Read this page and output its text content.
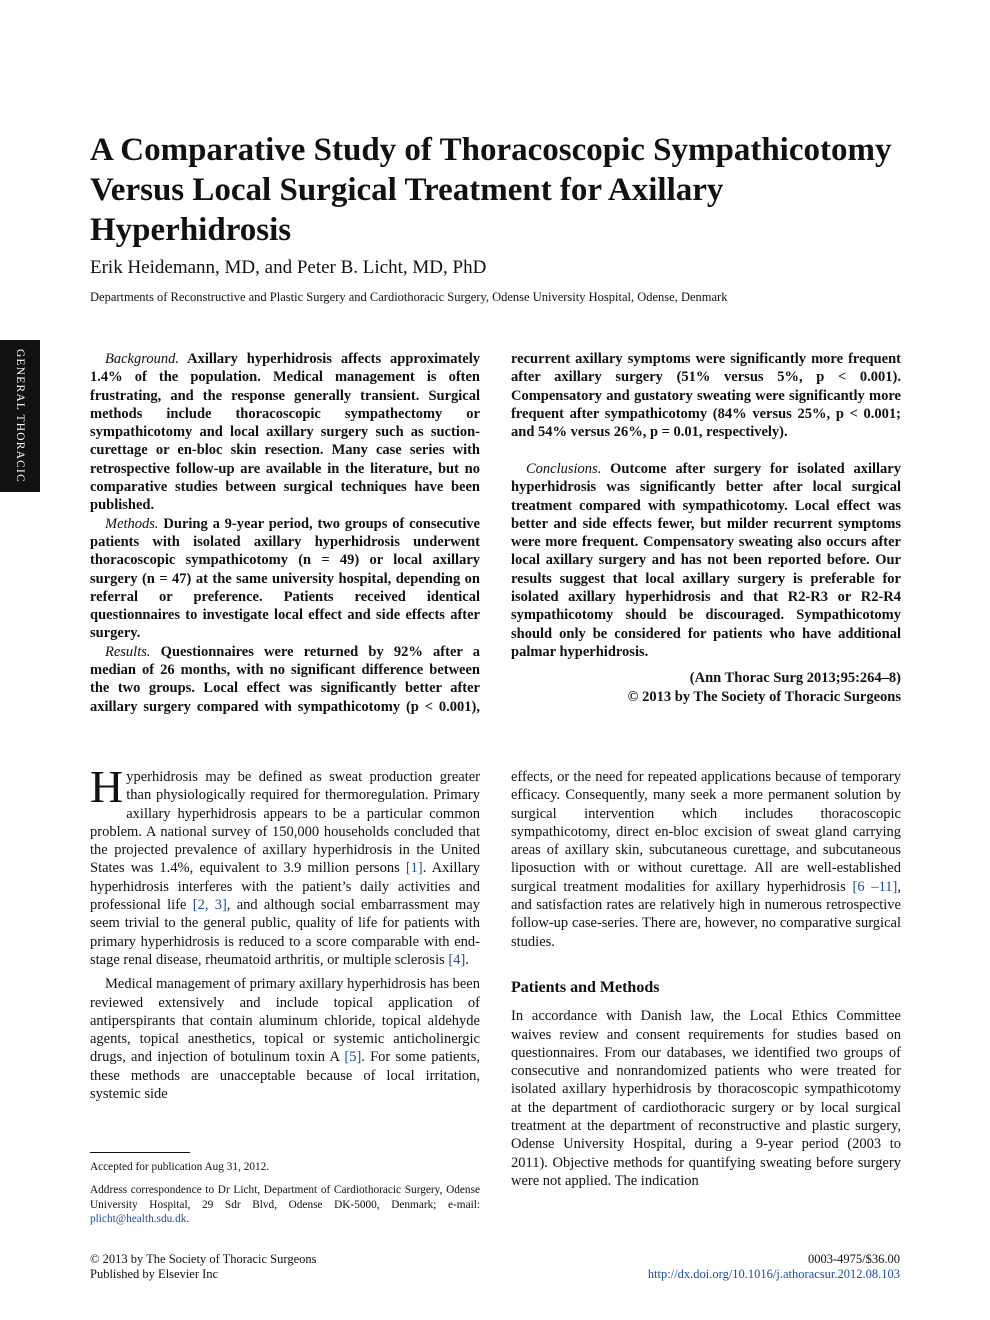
GENERAL THORACIC
A Comparative Study of Thoracoscopic Sympathicotomy Versus Local Surgical Treatment for Axillary Hyperhidrosis

Erik Heidemann, MD, and Peter B. Licht, MD, PhD

Departments of Reconstructive and Plastic Surgery and Cardiothoracic Surgery, Odense University Hospital, Odense, Denmark

Background. Axillary hyperhidrosis affects approximately 1.4% of the population. Medical management is often frustrating, and the response generally transient. Surgical methods include thoracoscopic sympathectomy or sympathicotomy and local axillary surgery such as suction-curettage or en-bloc skin resection. Many case series with retrospective follow-up are available in the literature, but no comparative studies between surgical techniques have been published.

Methods. During a 9-year period, two groups of consecutive patients with isolated axillary hyperhidrosis underwent thoracoscopic sympathicotomy (n = 49) or local axillary surgery (n = 47) at the same university hospital, depending on referral or preference. Patients received identical questionnaires to investigate local effect and side effects after surgery.

Results. Questionnaires were returned by 92% after a median of 26 months, with no significant difference between the two groups. Local effect was significantly better after axillary surgery compared with sympathicotomy (p < 0.001),

recurrent axillary symptoms were significantly more frequent after axillary surgery (51% versus 5%, p < 0.001). Compensatory and gustatory sweating were significantly more frequent after sympathicotomy (84% versus 25%, p < 0.001; and 54% versus 26%, p = 0.01, respectively).

Conclusions. Outcome after surgery for isolated axillary hyperhidrosis was significantly better after local surgical treatment compared with sympathicotomy. Local effect was better and side effects fewer, but milder recurrent symptoms were more frequent. Compensatory sweating also occurs after local axillary surgery and has not been reported before. Our results suggest that local axillary surgery is preferable for isolated axillary hyperhidrosis and that R2-R3 or R2-R4 sympathicotomy should be discouraged. Sympathicotomy should only be considered for patients who have additional palmar hyperhidrosis.

(Ann Thorac Surg 2013;95:264–8)
© 2013 by The Society of Thoracic Surgeons

Hyperhidrosis may be defined as sweat production greater than physiologically required for thermoregulation. Primary axillary hyperhidrosis appears to be a particular common problem. A national survey of 150,000 households concluded that the projected prevalence of axillary hyperhidrosis in the United States was 1.4%, equivalent to 3.9 million persons [1]. Axillary hyperhidrosis interferes with the patient’s daily activities and professional life [2, 3], and although social embarrassment may seem trivial to the general public, quality of life for patients with primary hyperhidrosis is reduced to a score comparable with end-stage renal disease, rheumatoid arthritis, or multiple sclerosis [4].

Medical management of primary axillary hyperhidrosis has been reviewed extensively and include topical application of antiperspirants that contain aluminum chloride, topical aldehyde agents, topical anesthetics, topical or systemic anticholinergic drugs, and injection of botulinum toxin A [5]. For some patients, these methods are unacceptable because of local irritation, systemic side

Accepted for publication Aug 31, 2012.
Address correspondence to Dr Licht, Department of Cardiothoracic Surgery, Odense University Hospital, 29 Sdr Blvd, Odense DK-5000, Denmark; e-mail: plicht@health.sdu.dk.

effects, or the need for repeated applications because of temporary efficacy. Consequently, many seek a more permanent solution by surgical intervention which includes thoracoscopic sympathicotomy, direct en-bloc excision of sweat gland carrying areas of axillary skin, subcutaneous curettage, and subcutaneous liposuction with or without curettage. All are well-established surgical treatment modalities for axillary hyperhidrosis [6 –11], and satisfaction rates are relatively high in numerous retrospective follow-up case-series. There are, however, no comparative surgical studies.

Patients and Methods

In accordance with Danish law, the Local Ethics Committee waives review and consent requirements for studies based on questionnaires. From our databases, we identified two groups of consecutive and nonrandomized patients who were treated for isolated axillary hyperhidrosis by thoracoscopic sympathicotomy at the department of cardiothoracic surgery or by local surgical treatment at the department of reconstructive and plastic surgery, Odense University Hospital, during a 9-year period (2003 to 2011). Objective methods for quantifying sweating before surgery were not applied. The indication

© 2013 by The Society of Thoracic Surgeons
Published by Elsevier Inc
0003-4975/$36.00
http://dx.doi.org/10.1016/j.athoracsur.2012.08.103
